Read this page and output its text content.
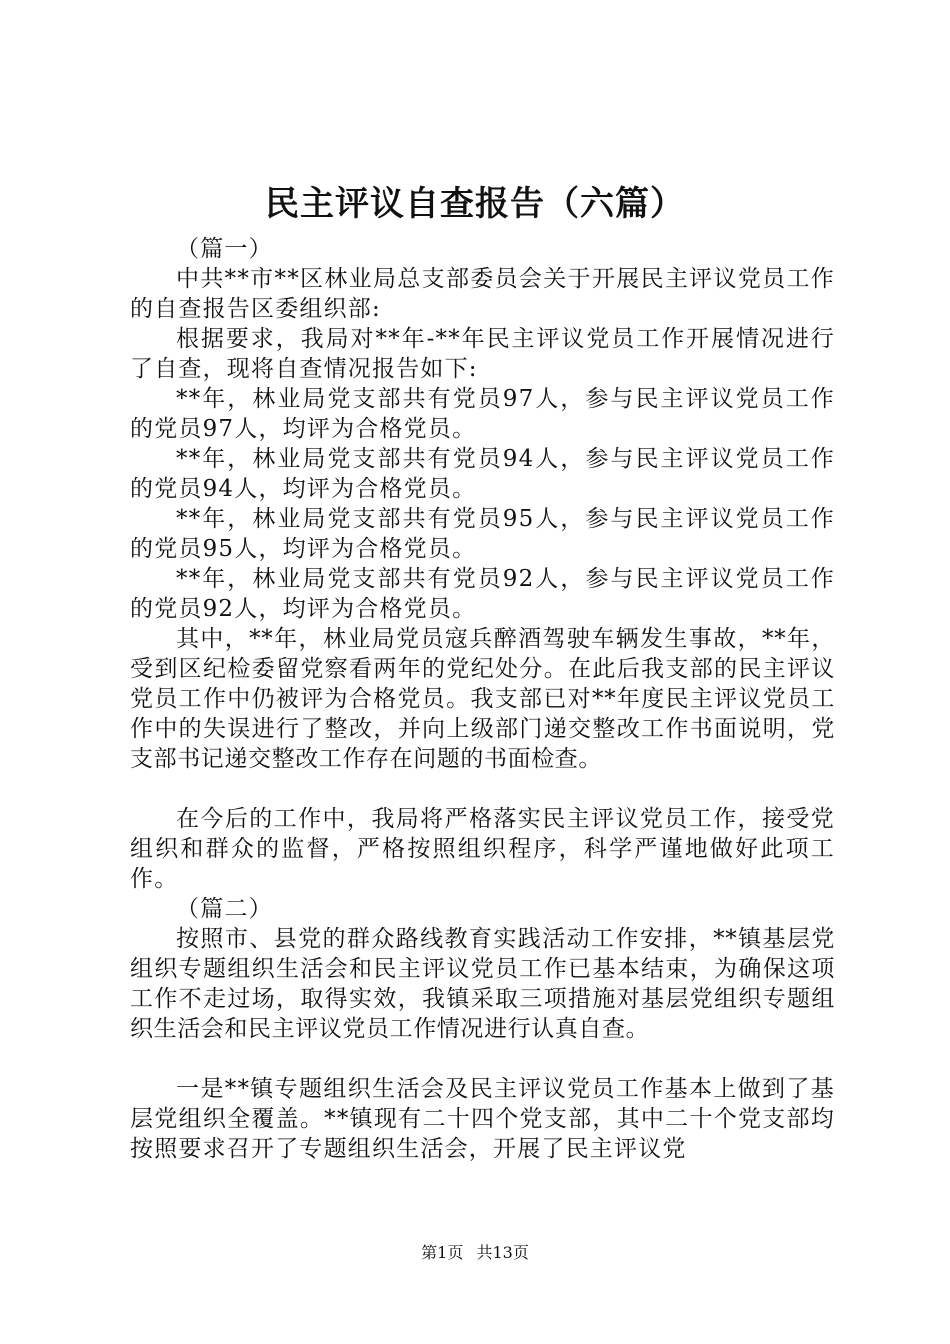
民主评议自查报告（六篇）

（篇一）

中共**市**区林业局总支部委员会关于开展民主评议党员工作的自查报告区委组织部:

根据要求，我局对**年-**年民主评议党员工作开展情况进行了自查，现将自查情况报告如下:

**年，林业局党支部共有党员97人，参与民主评议党员工作的党员97人，均评为合格党员。

**年，林业局党支部共有党员94人，参与民主评议党员工作的党员94人，均评为合格党员。

**年，林业局党支部共有党员95人，参与民主评议党员工作的党员95人，均评为合格党员。

**年，林业局党支部共有党员92人，参与民主评议党员工作的党员92人，均评为合格党员。

其中，**年，林业局党员寇兵醉酒驾驶车辆发生事故，**年，受到区纪检委留党察看两年的党纪处分。在此后我支部的民主评议党员工作中仍被评为合格党员。我支部已对**年度民主评议党员工作中的失误进行了整改，并向上级部门递交整改工作书面说明，党支部书记递交整改工作存在问题的书面检查。

在今后的工作中，我局将严格落实民主评议党员工作，接受党组织和群众的监督，严格按照组织程序，科学严谨地做好此项工作。

（篇二）

按照市、县党的群众路线教育实践活动工作安排，**镇基层党组织专题组织生活会和民主评议党员工作已基本结束，为确保这项工作不走过场，取得实效，我镇采取三项措施对基层党组织专题组织生活会和民主评议党员工作情况进行认真自查。

一是**镇专题组织生活会及民主评议党员工作基本上做到了基层党组织全覆盖。**镇现有二十四个党支部，其中二十个党支部均按照要求召开了专题组织生活会，开展了民主评议党

第1页 共13页
